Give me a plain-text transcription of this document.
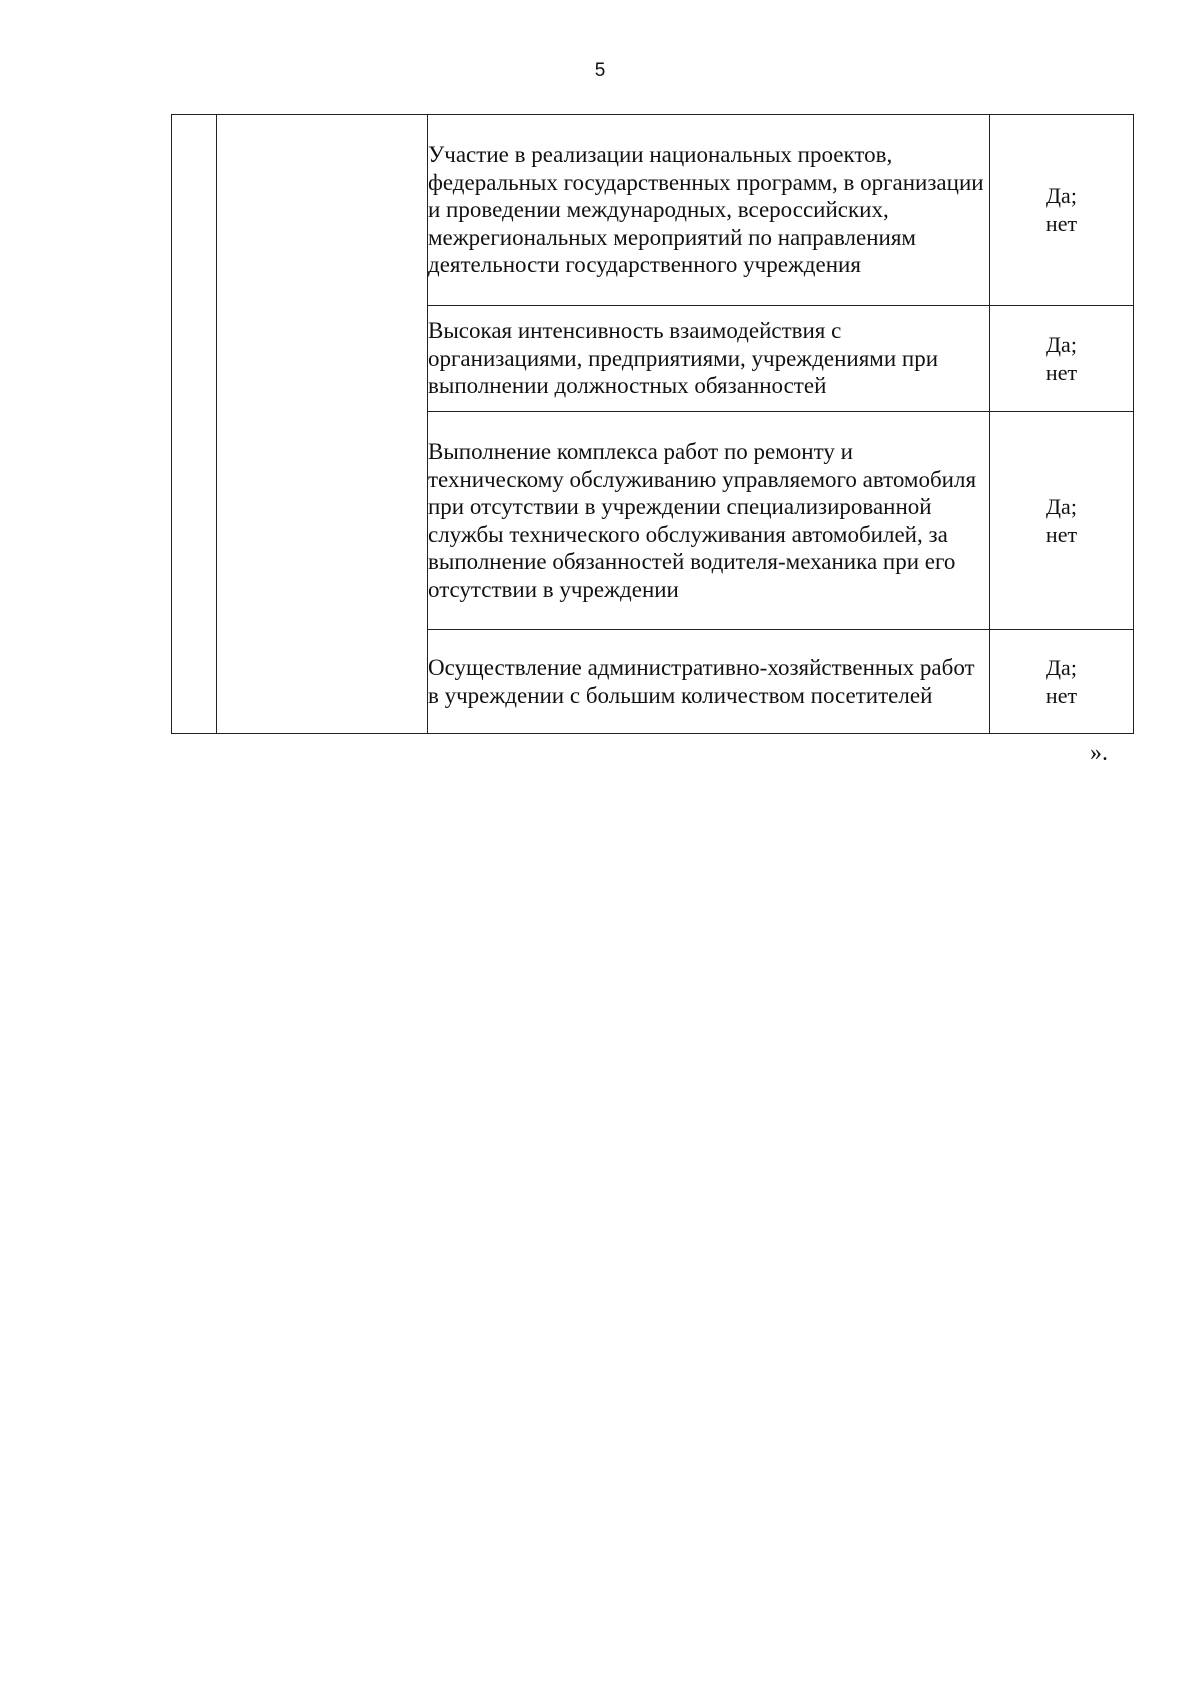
5
		Участие в реализации национальных проектов, федеральных государственных программ, в организации и проведении международных, всероссийских, межрегиональных мероприятий по направлениям деятельности государственного учреждения	Да;
нет

		Высокая интенсивность взаимодействия с организациями, предприятиями, учреждениями при выполнении должностных обязанностей	Да;
нет

		Выполнение комплекса работ по ремонту и техническому обслуживанию управляемого автомобиля при отсутствии в учреждении специализированной службы технического обслуживания автомобилей, за выполнение обязанностей водителя-механика при его отсутствии в учреждении	Да;
нет

		Осуществление административно-хозяйственных работ в учреждении с большим количеством посетителей	Да;
нет
».
